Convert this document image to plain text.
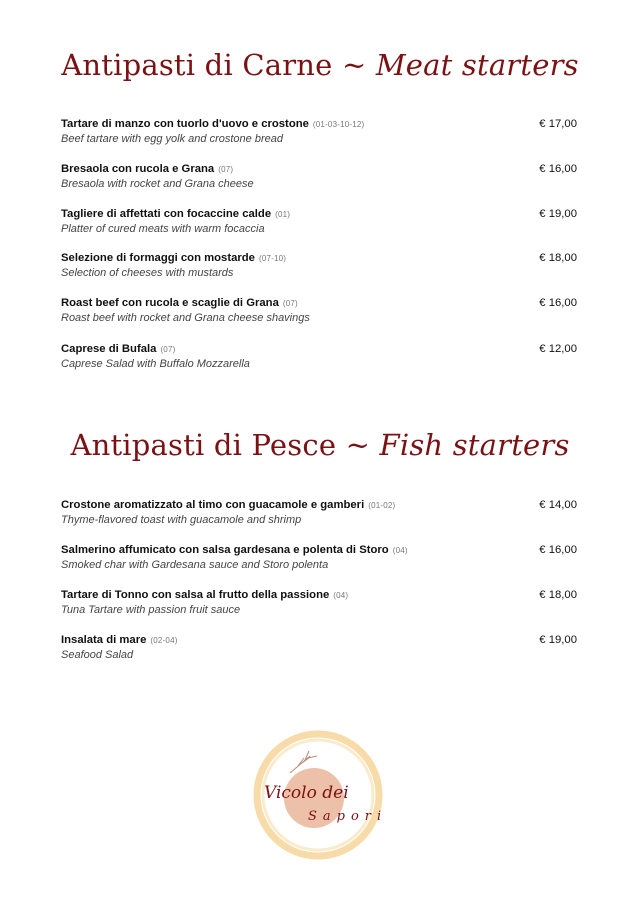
Antipasti di Carne ~ Meat starters
Tartare di manzo con tuorlo d'uovo e crostone (01-03-10-12)
Beef tartare with egg yolk and crostone bread
€ 17,00
Bresaola con rucola e Grana (07)
Bresaola with rocket and Grana cheese
€ 16,00
Tagliere di affettati con focaccine calde (01)
Platter of cured meats with warm focaccia
€ 19,00
Selezione di formaggi con mostarde (07-10)
Selection of cheeses with mustards
€ 18,00
Roast beef con rucola e scaglie di Grana (07)
Roast beef with rocket and Grana cheese shavings
€ 16,00
Caprese di Bufala (07)
Caprese Salad with Buffalo Mozzarella
€ 12,00
Antipasti di Pesce ~ Fish starters
Crostone aromatizzato al timo con guacamole e gamberi (01-02)
Thyme-flavored toast with guacamole and shrimp
€ 14,00
Salmerino affumicato con salsa gardesana e polenta di Storo (04)
Smoked char with Gardesana sauce and Storo polenta
€ 16,00
Tartare di Tonno con salsa al frutto della passione (04)
Tuna Tartare with passion fruit sauce
€ 18,00
Insalata di mare (02-04)
Seafood Salad
€ 19,00
Vicolo dei
Sapori
